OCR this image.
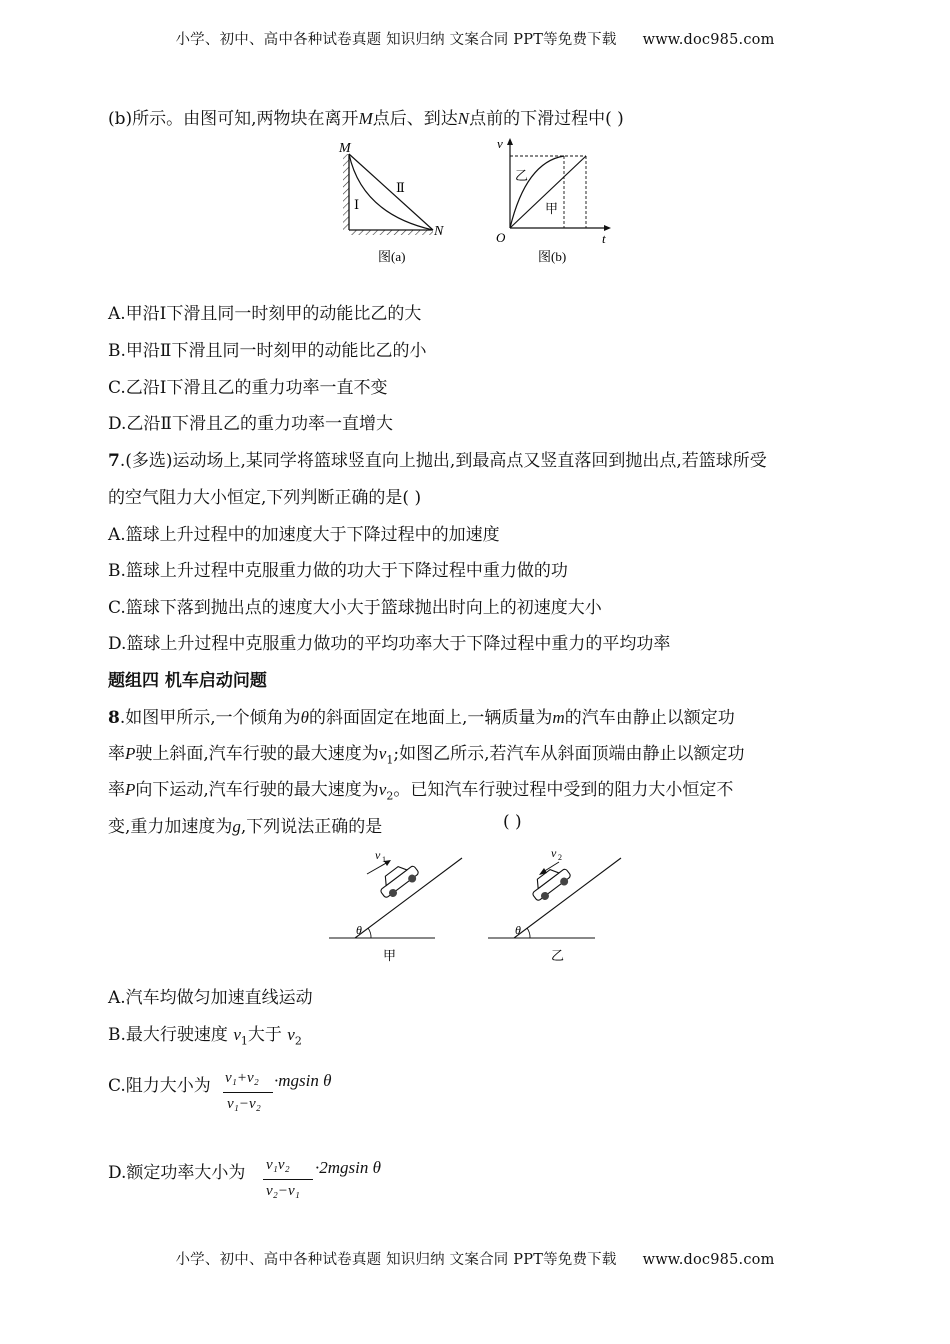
小学、初中、高中各种试卷真题 知识归纳 文案合同 PPT等免费下载 www.doc985.com
(b)所示。由图可知,两物块在离开M点后、到达N点前的下滑过程中( )
M
N
Ⅰ
Ⅱ
图(a)
v
t
O
乙
甲
图(b)
A.甲沿Ⅰ下滑且同一时刻甲的动能比乙的大
B.甲沿Ⅱ下滑且同一时刻甲的动能比乙的小
C.乙沿Ⅰ下滑且乙的重力功率一直不变
D.乙沿Ⅱ下滑且乙的重力功率一直增大
7.(多选)运动场上,某同学将篮球竖直向上抛出,到最高点又竖直落回到抛出点,若篮球所受
的空气阻力大小恒定,下列判断正确的是( )
A.篮球上升过程中的加速度大于下降过程中的加速度
B.篮球上升过程中克服重力做的功大于下降过程中重力做的功
C.篮球下落到抛出点的速度大小大于篮球抛出时向上的初速度大小
D.篮球上升过程中克服重力做功的平均功率大于下降过程中重力的平均功率
题组四 机车启动问题
8.如图甲所示,一个倾角为θ的斜面固定在地面上,一辆质量为m的汽车由静止以额定功
率P驶上斜面,汽车行驶的最大速度为$v_1$;如图乙所示,若汽车从斜面顶端由静止以额定功
率P向下运动,汽车行驶的最大速度为$v_2$。已知汽车行驶过程中受到的阻力大小恒定不
变,重力加速度为g,下列说法正确的是	( )
θ
v 1
甲
θ
v 2
乙
A.汽车均做匀加速直线运动
B.最大行驶速度 $v_1$大于 $v_2$
C.阻力大小为 v₁+v₂
v₁−v₂
·mgsin θ
D.额定功率大小为 v₁v₂
v₂−v₁
·2mgsin θ
小学、初中、高中各种试卷真题 知识归纳 文案合同 PPT等免费下载 www.doc985.com
